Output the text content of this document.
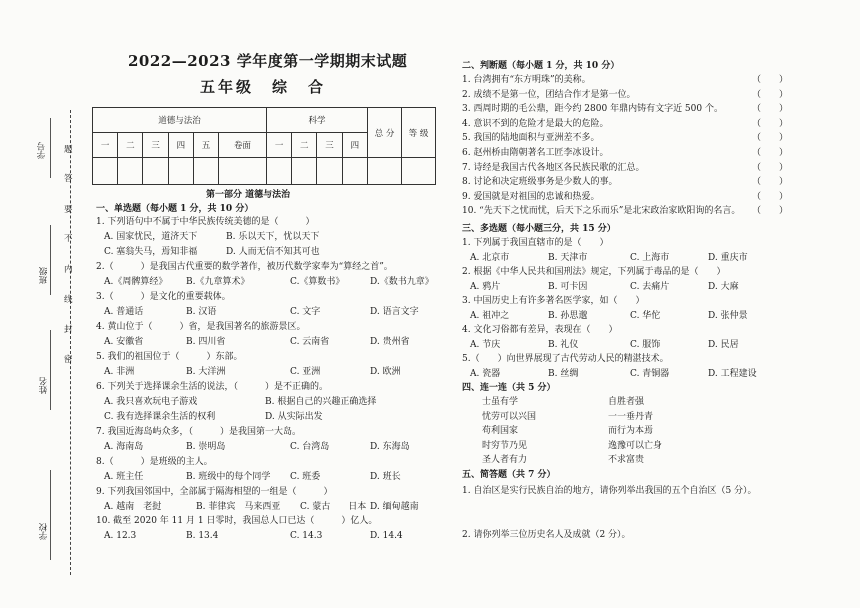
学号
班级
姓名
学校
题
答
要
不
内
线
封
密
2022—2023 学年度第一学期期末试题
五年级　综　合
道德与法治						科学				总 分	等 级
一	二	三	四	五	卷面	一	二	三	四		

第一部分 道德与法治
一、单选题（每小题 1 分，共 10 分）
1. 下列语句中不属于中华民族传统美德的是（　　　）
A. 国家忧民，道济天下	B. 乐以天下，忧以天下
C. 塞翁失马，焉知非福	D. 人而无信不知其可也
2.（　　　）是我国古代重要的数学著作，被历代数学家奉为“算经之首”。
A.《周髀算经》 B.《九章算术》	C.《算数书》	D.《数书九章》
3.（　　　）是文化的重要载体。
A. 普通话	B. 汉语	C. 文字	D. 语言文字
4. 黄山位于（　　　）省，是我国著名的旅游景区。
A. 安徽省	B. 四川省	C. 云南省	D. 贵州省
5. 我们的祖国位于（　　　）东部。
A. 非洲	B. 大洋洲	C. 亚洲	D. 欧洲
6. 下列关于选择课余生活的说法，（　　　）是不正确的。
A. 我只喜欢玩电子游戏	B. 根据自己的兴趣正确选择
C. 我有选择课余生活的权利	D. 从实际出发
7. 我国近海岛屿众多，（　　　）是我国第一大岛。
A. 海南岛	B. 崇明岛	C. 台湾岛	D. 东海岛
8.（　　　）是班级的主人。
A. 班主任	B. 班级中的每个同学 C. 班委	D. 班长
9. 下列我国邻国中，全部属于隔海相望的一组是（　　　）
A. 越南　老挝	B. 菲律宾　马来西亚 C. 蒙古　　日本 D. 缅甸越南
10. 截至 2020 年 11 月 1 日零时，我国总人口已达（　　　）亿人。
A. 12.3	B. 13.4	C. 14.3	D. 14.4
二、判断题（每小题 1 分，共 10 分）
1. 台湾拥有“东方明珠”的美称。	（　　）
2. 成绩不是第一位，团结合作才是第一位。	（　　）
3. 西周时期的毛公鼎，距今约 2800 年鼎内铸有文字近 500 个。	（　　）
4. 意识不到的危险才是最大的危险。	（　　）
5. 我国的陆地面积与亚洲差不多。	（　　）
6. 赵州桥由隋朝著名工匠李冰设计。	（　　）
7. 诗经是我国古代各地区各民族民歌的汇总。	（　　）
8. 讨论和决定班级事务是少数人的事。	（　　）
9. 爱国就是对祖国的忠诚和热爱。	（　　）
10. “先天下之忧而忧，后天下之乐而乐”是北宋政治家欧阳询的名言。 （　　）
三、多选题（每小题三分，共 15 分）
1. 下列属于我国直辖市的是（　　）
A. 北京市	B. 天津市	C. 上海市	D. 重庆市
2. 根据《中华人民共和国刑法》规定，下列属于毒品的是（　　）
A. 鸦片	B. 可卡因	C. 去痛片	D. 大麻
3. 中国历史上有许多著名医学家，如（　　）
A. 祖冲之	B. 孙思邈	C. 华佗	D. 张仲景
4. 文化习俗都有差异，表现在（　　）
A. 节庆	B. 礼仪	C. 服饰	D. 民居
5.（　　）向世界展现了古代劳动人民的精湛技术。
A. 瓷器	B. 丝绸	C. 青铜器	D. 工程建设
四、连一连（共 5 分）
士虽有学	自胜者强
忧劳可以兴国	一一垂丹青
苟利国家	而行为本焉
时穷节乃见	逸豫可以亡身
圣人者有力	不求富贵
五、简答题（共 7 分）
1. 自治区是实行民族自治的地方，请你列举出我国的五个自治区（5 分）。
2. 请你列举三位历史名人及成就（2 分）。
